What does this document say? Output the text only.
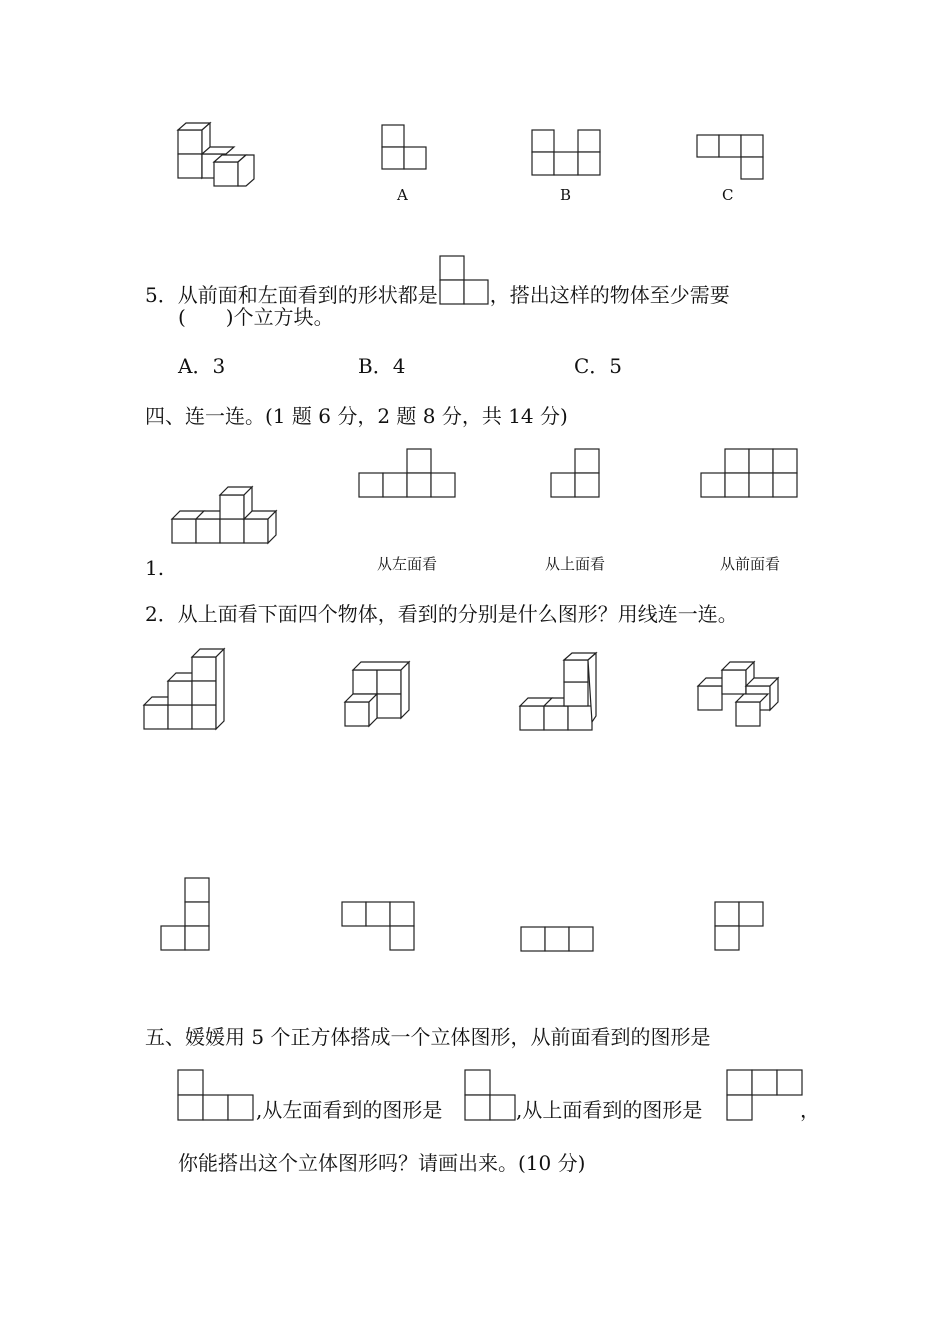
A	B	C
5．从前面和左面看到的形状都是	，搭出这样的物体至少需要
(　　)个立方块。
A．3	B．4	C．5
四、连一连。(1 题 6 分，2 题 8 分，共 14 分)
1.	从左面看	从上面看	从前面看
2．从上面看下面四个物体，看到的分别是什么图形？用线连一连。
五、媛媛用 5 个正方体搭成一个立体图形，从前面看到的图形是
,从左面看到的图形是	,从上面看到的图形是	，
你能搭出这个立体图形吗？请画出来。(10 分)
